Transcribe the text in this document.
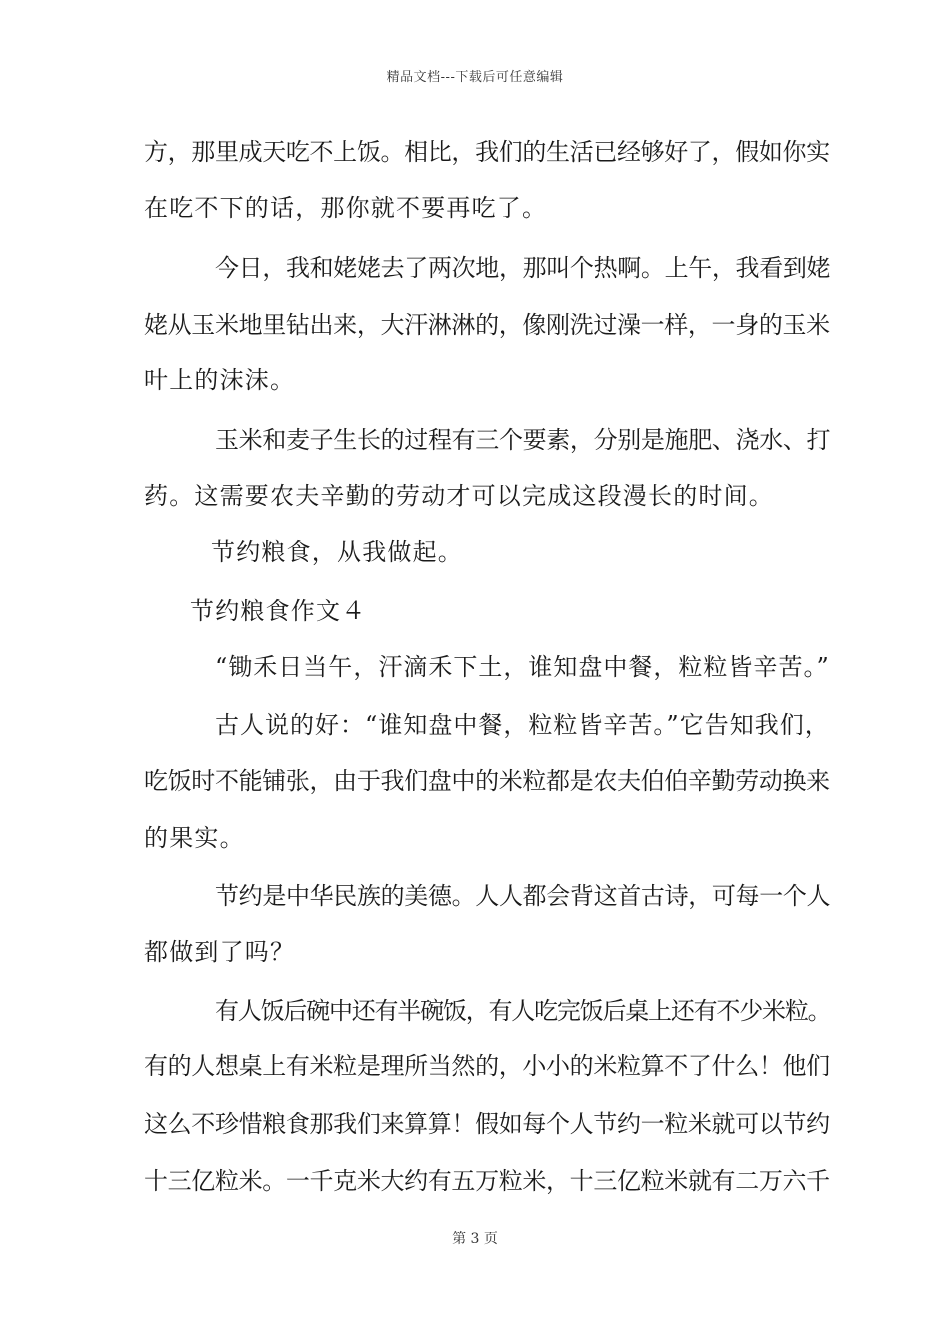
精品文档---下载后可任意编辑
方，那里成天吃不上饭。相比，我们的生活已经够好了，假如你实
在吃不下的话，那你就不要再吃了。
今日，我和姥姥去了两次地，那叫个热啊。上午，我看到姥
姥从玉米地里钻出来，大汗淋淋的，像刚洗过澡一样，一身的玉米
叶上的沫沫。
玉米和麦子生长的过程有三个要素，分别是施肥、浇水、打
药。这需要农夫辛勤的劳动才可以完成这段漫长的时间。
节约粮食，从我做起。
节约粮食作文４
“锄禾日当午，汗滴禾下土，谁知盘中餐，粒粒皆辛苦。”
古人说的好：“谁知盘中餐，粒粒皆辛苦。”它告知我们，
吃饭时不能铺张，由于我们盘中的米粒都是农夫伯伯辛勤劳动换来
的果实。
节约是中华民族的美德。人人都会背这首古诗，可每一个人
都做到了吗？
有人饭后碗中还有半碗饭，有人吃完饭后桌上还有不少米粒。
有的人想桌上有米粒是理所当然的，小小的米粒算不了什么！他们
这么不珍惜粮食那我们来算算！假如每个人节约一粒米就可以节约
十三亿粒米。一千克米大约有五万粒米，十三亿粒米就有二万六千
第 3 页
